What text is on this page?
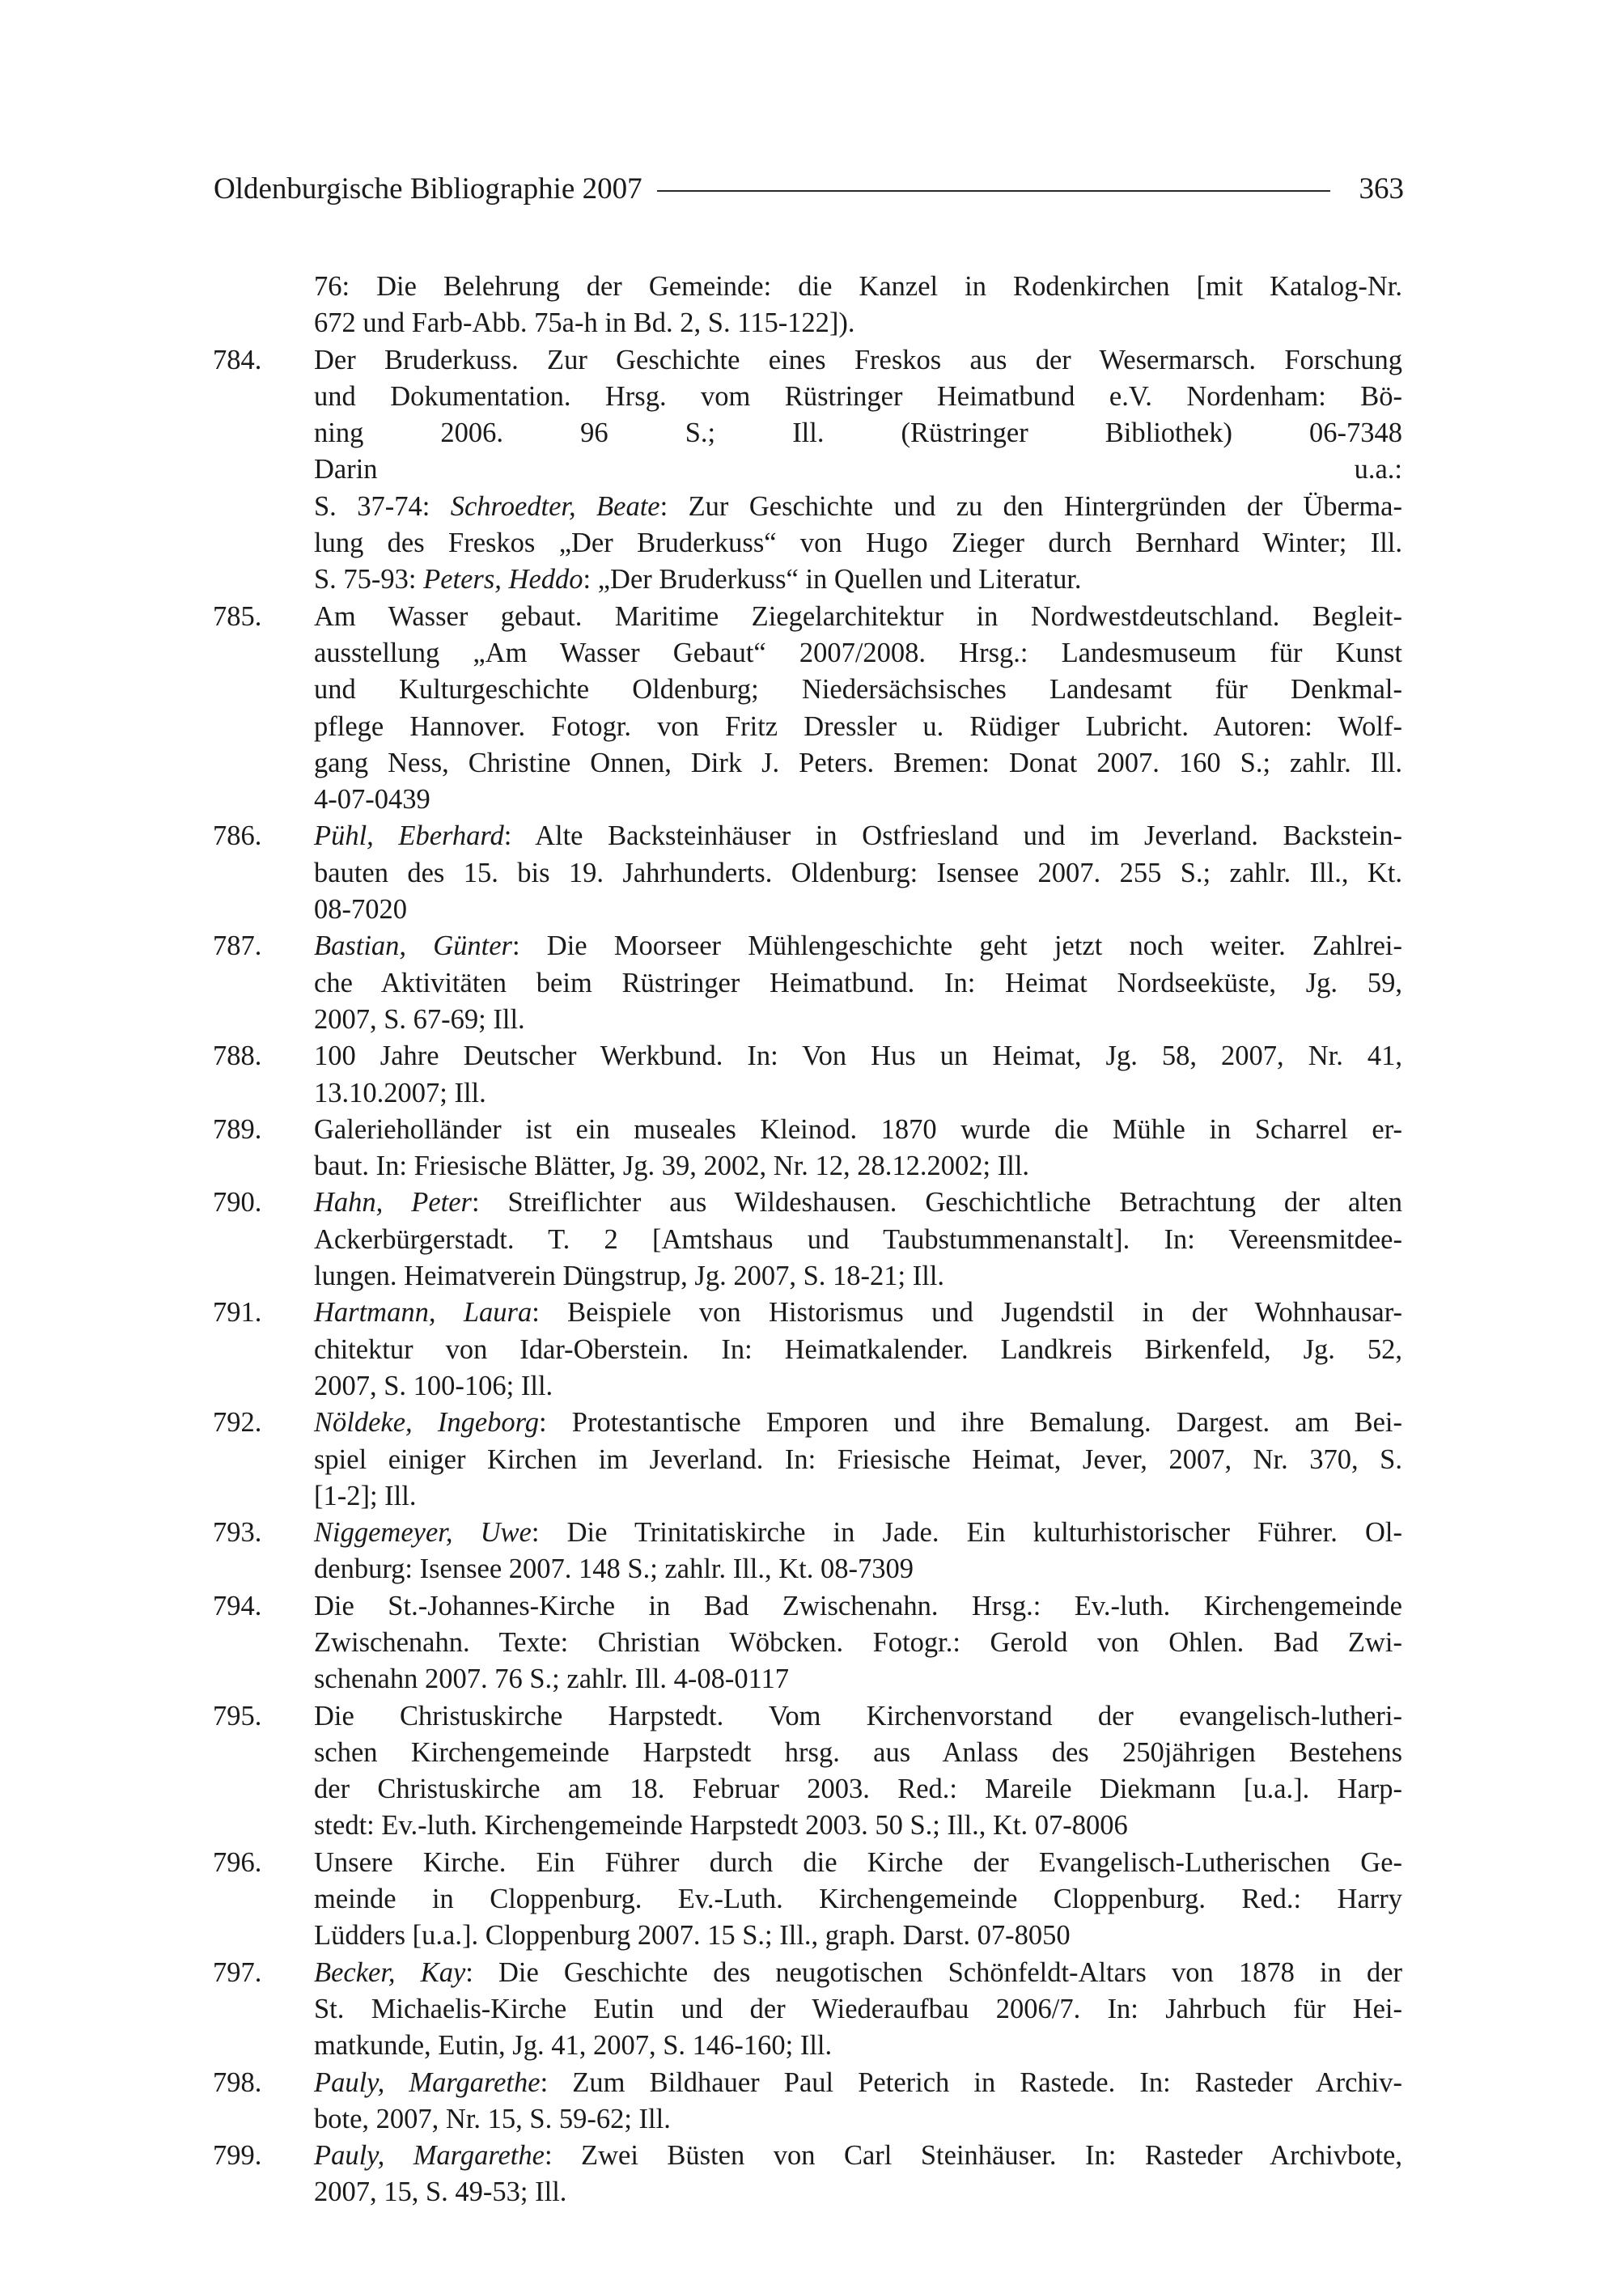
Oldenburgische Bibliographie 2007	363
76: Die Belehrung der Gemeinde: die Kanzel in Rodenkirchen [mit Katalog-Nr.
672 und Farb-Abb. 75a-h in Bd. 2, S. 115-122]).
784.	Der Bruderkuss. Zur Geschichte eines Freskos aus der Wesermarsch. Forschung
und Dokumentation. Hrsg. vom Rüstringer Heimatbund e.V. Nordenham: Bö-
ning 2006. 96 S.; Ill. (Rüstringer Bibliothek) 06-7348
Darin u.a.:
S. 37-74: Schroedter, Beate: Zur Geschichte und zu den Hintergründen der Überma-
lung des Freskos „Der Bruderkuss“ von Hugo Zieger durch Bernhard Winter; Ill.
S. 75-93: Peters, Heddo: „Der Bruderkuss“ in Quellen und Literatur.
785.	Am Wasser gebaut. Maritime Ziegelarchitektur in Nordwestdeutschland. Begleit-
ausstellung „Am Wasser Gebaut“ 2007/2008. Hrsg.: Landesmuseum für Kunst
und Kulturgeschichte Oldenburg; Niedersächsisches Landesamt für Denkmal-
pflege Hannover. Fotogr. von Fritz Dressler u. Rüdiger Lubricht. Autoren: Wolf-
gang Ness, Christine Onnen, Dirk J. Peters. Bremen: Donat 2007. 160 S.; zahlr. Ill.
4-07-0439
786.	Pühl, Eberhard: Alte Backsteinhäuser in Ostfriesland und im Jeverland. Backstein-
bauten des 15. bis 19. Jahrhunderts. Oldenburg: Isensee 2007. 255 S.; zahlr. Ill., Kt.
08-7020
787.	Bastian, Günter: Die Moorseer Mühlengeschichte geht jetzt noch weiter. Zahlrei-
che Aktivitäten beim Rüstringer Heimatbund. In: Heimat Nordseeküste, Jg. 59,
2007, S. 67-69; Ill.
788.	100 Jahre Deutscher Werkbund. In: Von Hus un Heimat, Jg. 58, 2007, Nr. 41,
13.10.2007; Ill.
789.	Galerieholländer ist ein museales Kleinod. 1870 wurde die Mühle in Scharrel er-
baut. In: Friesische Blätter, Jg. 39, 2002, Nr. 12, 28.12.2002; Ill.
790.	Hahn, Peter: Streiflichter aus Wildeshausen. Geschichtliche Betrachtung der alten
Ackerbürgerstadt. T. 2 [Amtshaus und Taubstummenanstalt]. In: Vereensmitdee-
lungen. Heimatverein Düngstrup, Jg. 2007, S. 18-21; Ill.
791.	Hartmann, Laura: Beispiele von Historismus und Jugendstil in der Wohnhausar-
chitektur von Idar-Oberstein. In: Heimatkalender. Landkreis Birkenfeld, Jg. 52,
2007, S. 100-106; Ill.
792.	Nöldeke, Ingeborg: Protestantische Emporen und ihre Bemalung. Dargest. am Bei-
spiel einiger Kirchen im Jeverland. In: Friesische Heimat, Jever, 2007, Nr. 370, S.
[1-2]; Ill.
793.	Niggemeyer, Uwe: Die Trinitatiskirche in Jade. Ein kulturhistorischer Führer. Ol-
denburg: Isensee 2007. 148 S.; zahlr. Ill., Kt. 08-7309
794.	Die St.-Johannes-Kirche in Bad Zwischenahn. Hrsg.: Ev.-luth. Kirchengemeinde
Zwischenahn. Texte: Christian Wöbcken. Fotogr.: Gerold von Ohlen. Bad Zwi-
schenahn 2007. 76 S.; zahlr. Ill. 4-08-0117
795.	Die Christuskirche Harpstedt. Vom Kirchenvorstand der evangelisch-lutheri-
schen Kirchengemeinde Harpstedt hrsg. aus Anlass des 250jährigen Bestehens
der Christuskirche am 18. Februar 2003. Red.: Mareile Diekmann [u.a.]. Harp-
stedt: Ev.-luth. Kirchengemeinde Harpstedt 2003. 50 S.; Ill., Kt. 07-8006
796.	Unsere Kirche. Ein Führer durch die Kirche der Evangelisch-Lutherischen Ge-
meinde in Cloppenburg. Ev.-Luth. Kirchengemeinde Cloppenburg. Red.: Harry
Lüdders [u.a.]. Cloppenburg 2007. 15 S.; Ill., graph. Darst. 07-8050
797.	Becker, Kay: Die Geschichte des neugotischen Schönfeldt-Altars von 1878 in der
St. Michaelis-Kirche Eutin und der Wiederaufbau 2006/7. In: Jahrbuch für Hei-
matkunde, Eutin, Jg. 41, 2007, S. 146-160; Ill.
798.	Pauly, Margarethe: Zum Bildhauer Paul Peterich in Rastede. In: Rasteder Archiv-
bote, 2007, Nr. 15, S. 59-62; Ill.
799.	Pauly, Margarethe: Zwei Büsten von Carl Steinhäuser. In: Rasteder Archivbote,
2007, 15, S. 49-53; Ill.
